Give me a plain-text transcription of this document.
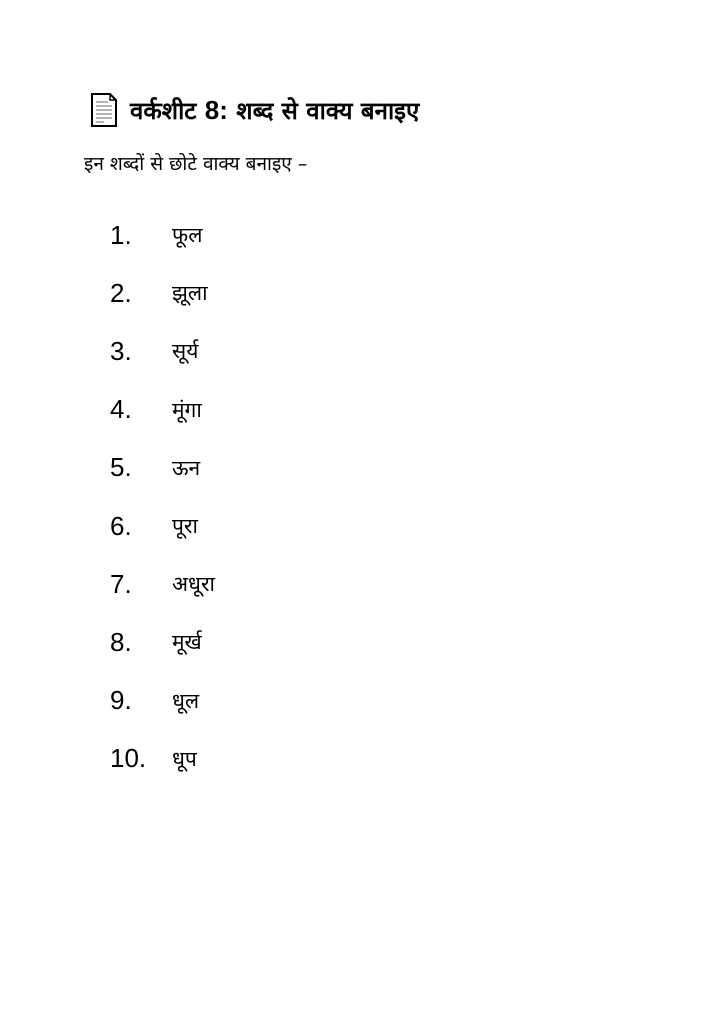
वर्कशीट 8: शब्द से वाक्य बनाइए
इन शब्दों से छोटे वाक्य बनाइए –
1.	फूल
2.	झूला
3.	सूर्य
4.	मूंगा
5.	ऊन
6.	पूरा
7.	अधूरा
8.	मूर्ख
9.	धूल
10.	धूप
